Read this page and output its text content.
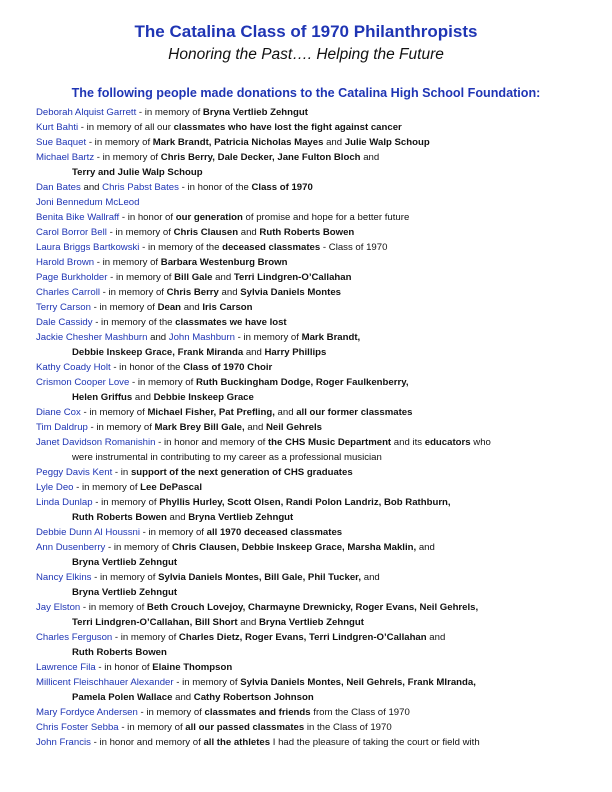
The Catalina Class of 1970 Philanthropists
Honoring the Past…. Helping the Future
The following people made donations to the Catalina High School Foundation:
Deborah Alquist Garrett - in memory of Bryna Vertlieb Zehngut
Kurt Bahti - in memory of all our classmates who have lost the fight against cancer
Sue Baquet - in memory of Mark Brandt, Patricia Nicholas Mayes and Julie Walp Schoup
Michael Bartz - in memory of Chris Berry, Dale Decker, Jane Fulton Bloch and
Terry and Julie Walp Schoup
Dan Bates and Chris Pabst Bates - in honor of the Class of 1970
Joni Bennedum McLeod
Benita Bike Wallraff - in honor of our generation of promise and hope for a better future
Carol Borror Bell - in memory of Chris Clausen and Ruth Roberts Bowen
Laura Briggs Bartkowski - in memory of the deceased classmates - Class of 1970
Harold Brown - in memory of Barbara Westenburg Brown
Page Burkholder - in memory of Bill Gale and Terri Lindgren-O’Callahan
Charles Carroll - in memory of Chris Berry and Sylvia Daniels Montes
Terry Carson - in memory of Dean and Iris Carson
Dale Cassidy - in memory of the classmates we have lost
Jackie Chesher Mashburn and John Mashburn - in memory of Mark Brandt,
Debbie Inskeep Grace, Frank Miranda and Harry Phillips
Kathy Coady Holt - in honor of the Class of 1970 Choir
Crismon Cooper Love - in memory of Ruth Buckingham Dodge, Roger Faulkenberry,
Helen Griffus and Debbie Inskeep Grace
Diane Cox - in memory of Michael Fisher, Pat Prefling, and all our former classmates
Tim Daldrup - in memory of Mark Brey Bill Gale, and Neil Gehrels
Janet Davidson Romanishin - in honor and memory of the CHS Music Department and its educators who
were instrumental in contributing to my career as a professional musician
Peggy Davis Kent - in support of the next generation of CHS graduates
Lyle Deo - in memory of Lee DePascal
Linda Dunlap - in memory of Phyllis Hurley, Scott Olsen, Randi Polon Landriz, Bob Rathburn,
Ruth Roberts Bowen and Bryna Vertlieb Zehngut
Debbie Dunn Al Houssni - in memory of all 1970 deceased classmates
Ann Dusenberry - in memory of Chris Clausen, Debbie Inskeep Grace, Marsha Maklin, and
Bryna Vertlieb Zehngut
Nancy Elkins - in memory of Sylvia Daniels Montes, Bill Gale, Phil Tucker, and
Bryna Vertlieb Zehngut
Jay Elston - in memory of Beth Crouch Lovejoy, Charmayne Drewnicky, Roger Evans, Neil Gehrels,
Terri Lindgren-O’Callahan, Bill Short and Bryna Vertlieb Zehngut
Charles Ferguson - in memory of Charles Dietz, Roger Evans, Terri Lindgren-O’Callahan and
Ruth Roberts Bowen
Lawrence Fila - in honor of Elaine Thompson
Millicent Fleischhauer Alexander - in memory of Sylvia Daniels Montes, Neil Gehrels, Frank MIranda,
Pamela Polen Wallace and Cathy Robertson Johnson
Mary Fordyce Andersen - in memory of classmates and friends from the Class of 1970
Chris Foster Sebba - in memory of all our passed classmates in the Class of 1970
John Francis - in honor and memory of all the athletes I had the pleasure of taking the court or field with
